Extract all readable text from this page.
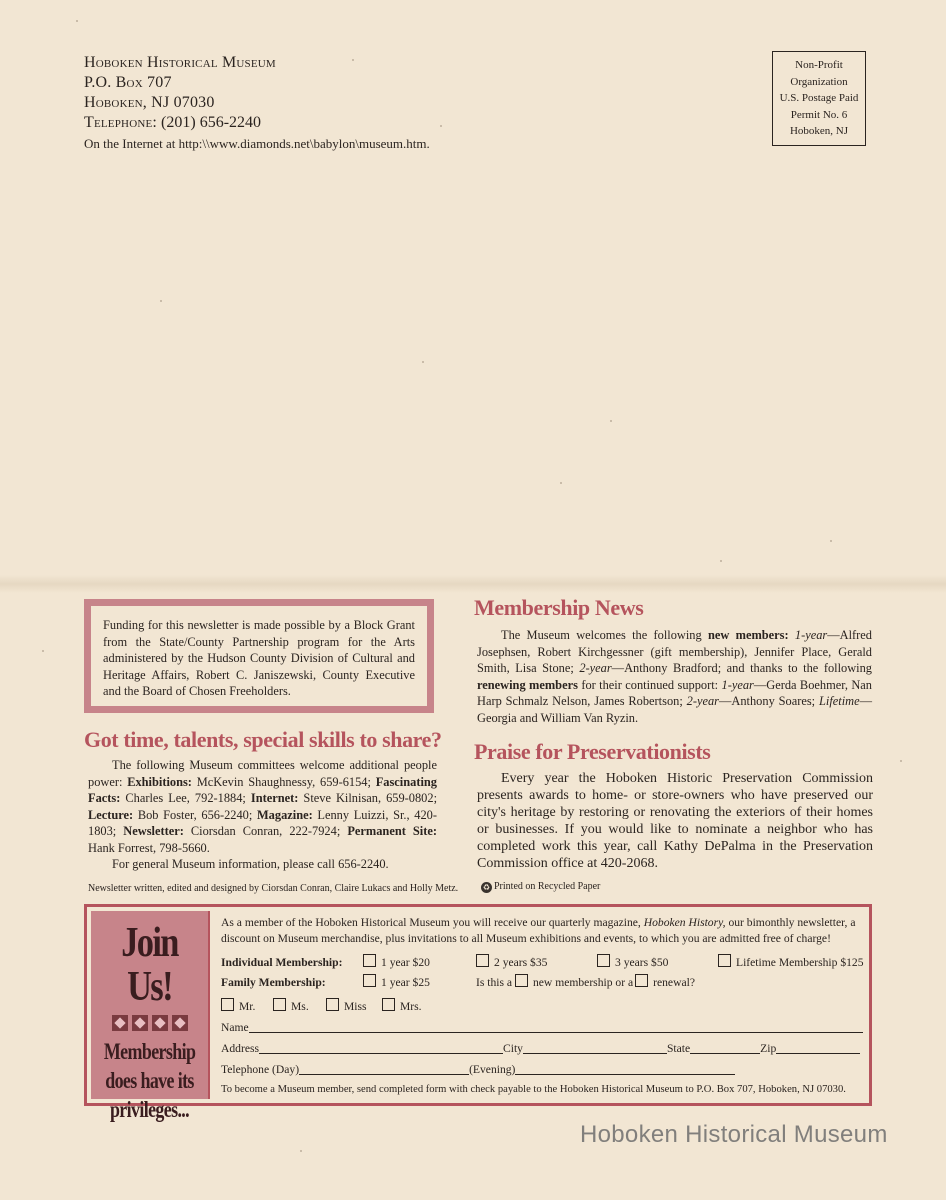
Hoboken Historical Museum
P.O. Box 707
Hoboken, NJ 07030
Telephone: (201) 656-2240
On the Internet at http:\\www.diamonds.net\babylon\museum.htm.
Non-Profit
Organization
U.S. Postage Paid
Permit No. 6
Hoboken, NJ
Funding for this newsletter is made possible by a Block Grant from the State/County Partnership program for the Arts administered by the Hudson County Division of Cultural and Heritage Affairs, Robert C. Janiszewski, County Executive and the Board of Chosen Freeholders.
Got time, talents, special skills to share?

The following Museum committees welcome additional people power: Exhibitions: McKevin Shaughnessy, 659-6154; Fascinating Facts: Charles Lee, 792-1884; Internet: Steve Kilnisan, 659-0802; Lecture: Bob Foster, 656-2240; Magazine: Lenny Luizzi, Sr., 420-1803; Newsletter: Ciorsdan Conran, 222-7924; Permanent Site: Hank Forrest, 798-5660.

For general Museum information, please call 656-2240.

Membership News

The Museum welcomes the following new members: 1-year—Alfred Josephsen, Robert Kirchgessner (gift membership), Jennifer Place, Gerald Smith, Lisa Stone; 2-year—Anthony Bradford; and thanks to the following renewing members for their continued support: 1-year—Gerda Boehmer, Nan Harp Schmalz Nelson, James Robertson; 2-year—Anthony Soares; Lifetime—Georgia and William Van Ryzin.

Praise for Preservationists

Every year the Hoboken Historic Preservation Commission presents awards to home- or store-owners who have preserved our city's heritage by restoring or renovating the exteriors of their homes or businesses. If you would like to nominate a neighbor who has completed work this year, call Kathy DePalma in the Preservation Commission office at 420-2068.

Newsletter written, edited and designed by Ciorsdan Conran, Claire Lukacs and Holly Metz.	♻ Printed on Recycled Paper
Join Us!
Membership
does have its
privileges...
As a member of the Hoboken Historical Museum you will receive our quarterly magazine, Hoboken History, our bimonthly newsletter, a discount on Museum merchandise, plus invitations to all Museum exhibitions and events, to which you are admitted free of charge!
Individual Membership:	1 year $20	2 years $35	3 years $50	Lifetime Membership $125
Family Membership:	1 year $25	Is this a new membership or a renewal?
Mr.	Ms.	Miss	Mrs.
Name
Address	City	State	Zip
Telephone (Day)	(Evening)
To become a Museum member, send completed form with check payable to the Hoboken Historical Museum to P.O. Box 707, Hoboken, NJ 07030.
Hoboken Historical Museum
